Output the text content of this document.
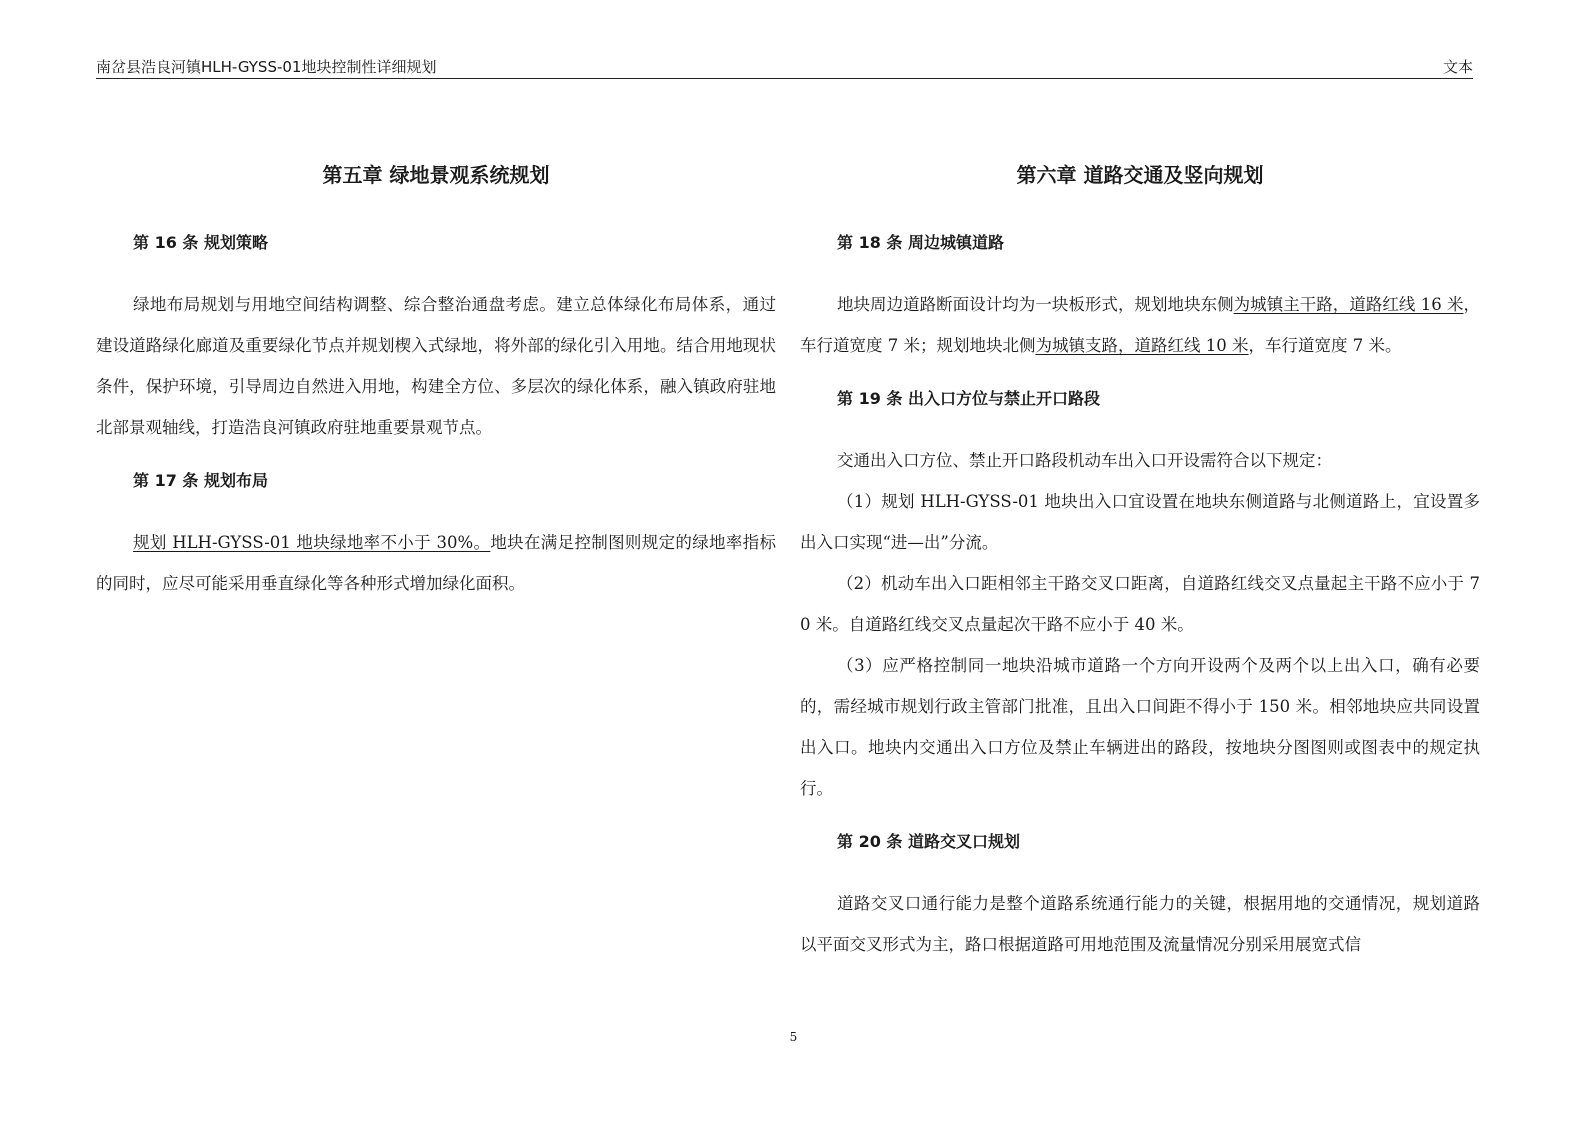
南岔县浩良河镇HLH-GYSS-01地块控制性详细规划	文本
第五章 绿地景观系统规划
第 16 条 规划策略

绿地布局规划与用地空间结构调整、综合整治通盘考虑。建立总体绿化布局体系，通过建设道路绿化廊道及重要绿化节点并规划楔入式绿地，将外部的绿化引入用地。结合用地现状条件，保护环境，引导周边自然进入用地，构建全方位、多层次的绿化体系，融入镇政府驻地北部景观轴线，打造浩良河镇政府驻地重要景观节点。

第 17 条 规划布局

规划 HLH-GYSS-01 地块绿地率不小于 30%。地块在满足控制图则规定的绿地率指标的同时，应尽可能采用垂直绿化等各种形式增加绿化面积。

第六章 道路交通及竖向规划
第 18 条 周边城镇道路

地块周边道路断面设计均为一块板形式，规划地块东侧为城镇主干路，道路红线 16 米，车行道宽度 7 米；规划地块北侧为城镇支路，道路红线 10 米，车行道宽度 7 米。

第 19 条 出入口方位与禁止开口路段

交通出入口方位、禁止开口路段机动车出入口开设需符合以下规定：

（1）规划 HLH-GYSS-01 地块出入口宜设置在地块东侧道路与北侧道路上，宜设置多出入口实现“进—出”分流。

（2）机动车出入口距相邻主干路交叉口距离，自道路红线交叉点量起主干路不应小于 70 米。自道路红线交叉点量起次干路不应小于 40 米。

（3）应严格控制同一地块沿城市道路一个方向开设两个及两个以上出入口，确有必要的，需经城市规划行政主管部门批准，且出入口间距不得小于 150 米。相邻地块应共同设置出入口。地块内交通出入口方位及禁止车辆进出的路段，按地块分图图则或图表中的规定执行。

第 20 条 道路交叉口规划

道路交叉口通行能力是整个道路系统通行能力的关键，根据用地的交通情况，规划道路以平面交叉形式为主，路口根据道路可用地范围及流量情况分别采用展宽式信

5
